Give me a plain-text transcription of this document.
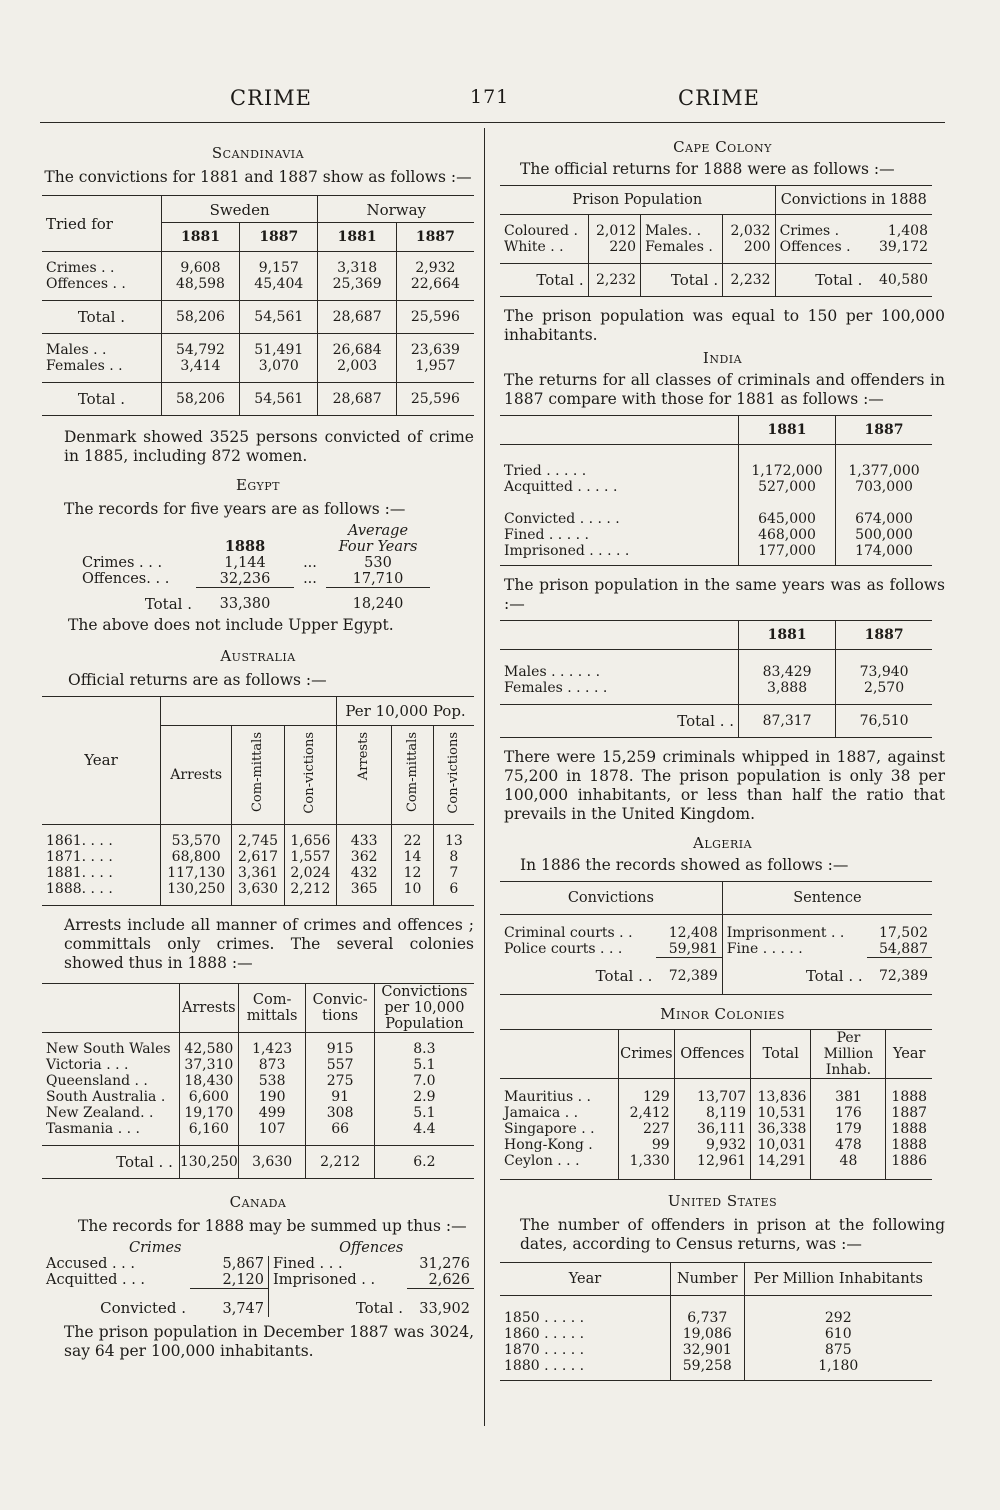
CRIME	171	CRIME
Scandinavia
The convictions for 1881 and 1887 show as follows :—
Tried for	Sweden		Norway	
	1881	1887	1881	1887
Crimes . .	9,608	9,157	3,318	2,932
Offences . .	48,598	45,404	25,369	22,664
Total .	58,206	54,561	28,687	25,596
Males . .	54,792	51,491	26,684	23,639
Females . .	3,414	3,070	2,003	1,957
Total .	58,206	54,561	28,687	25,596
Denmark showed 3525 persons convicted of crime in 1885, including 872 women.
Egypt
The records for five years are as follows :—
	1888		Average
Four Years
Crimes . . .	1,144	...	530
Offences. . .	32,236	...	17,710
Total .	33,380		18,240
The above does not include Upper Egypt.
Australia
Official returns are as follows :—
Year				Per 10,000 Pop.		
	Arrests	Com-mittals	Con-victions	Arrests	Com-mittals	Con-victions
1861. . . .	53,570	2,745	1,656	433	22	13
1871. . . .	68,800	2,617	1,557	362	14	8
1881. . . .	117,130	3,361	2,024	432	12	7
1888. . . .	130,250	3,630	2,212	365	10	6
Arrests include all manner of crimes and offences ; committals only crimes. The several colonies showed thus in 1888 :—
	Arrests	Com-mittals	Convic-tions	Convictions per 10,000 Population
New South Wales	42,580	1,423	915	8.3
Victoria . . .	37,310	873	557	5.1
Queensland . .	18,430	538	275	7.0
South Australia .	6,600	190	91	2.9
New Zealand. .	19,170	499	308	5.1
Tasmania . . .	6,160	107	66	4.4
Total . .	130,250	3,630	2,212	6.2
Canada
The records for 1888 may be summed up thus :—
Crimes		Offences	
Accused . . .	5,867	Fined . . .	31,276
Acquitted . . .	2,120	Imprisoned . .	2,626
Convicted .	3,747	Total .	33,902
The prison population in December 1887 was 3024, say 64 per 100,000 inhabitants.
Cape Colony
The official returns for 1888 were as follows :—
Prison Population				Convictions in 1888	
Coloured .	2,012	Males. .	2,032	Crimes .	1,408
White . .	220	Females .	200	Offences .	39,172
Total .	2,232	Total .	2,232	Total .	40,580
The prison population was equal to 150 per 100,000 inhabitants.
India
The returns for all classes of criminals and offenders in 1887 compare with those for 1881 as follows :—
	1881	1887
Tried . . . . .	1,172,000	1,377,000
Acquitted . . . . .	527,000	703,000
Convicted . . . . .	645,000	674,000
Fined . . . . .	468,000	500,000
Imprisoned . . . . .	177,000	174,000
The prison population in the same years was as follows :—
	1881	1887
Males . . . . . .	83,429	73,940
Females . . . . .	3,888	2,570
Total . .	87,317	76,510
There were 15,259 criminals whipped in 1887, against 75,200 in 1878. The prison population is only 38 per 100,000 inhabitants, or less than half the ratio that prevails in the United Kingdom.
Algeria
In 1886 the records showed as follows :—
Convictions		Sentence	
Criminal courts . .	12,408	Imprisonment . .	17,502
Police courts . . .	59,981	Fine . . . . .	54,887
Total . .	72,389	Total . .	72,389
Minor Colonies
	Crimes	Offences	Total	Per Million Inhab.	Year
Mauritius . .	129	13,707	13,836	381	1888
Jamaica . .	2,412	8,119	10,531	176	1887
Singapore . .	227	36,111	36,338	179	1888
Hong-Kong .	99	9,932	10,031	478	1888
Ceylon . . .	1,330	12,961	14,291	48	1886
United States
The number of offenders in prison at the following dates, according to Census returns, was :—
Year	Number	Per Million Inhabitants
1850 . . . . .	6,737	292
1860 . . . . .	19,086	610
1870 . . . . .	32,901	875
1880 . . . . .	59,258	1,180
